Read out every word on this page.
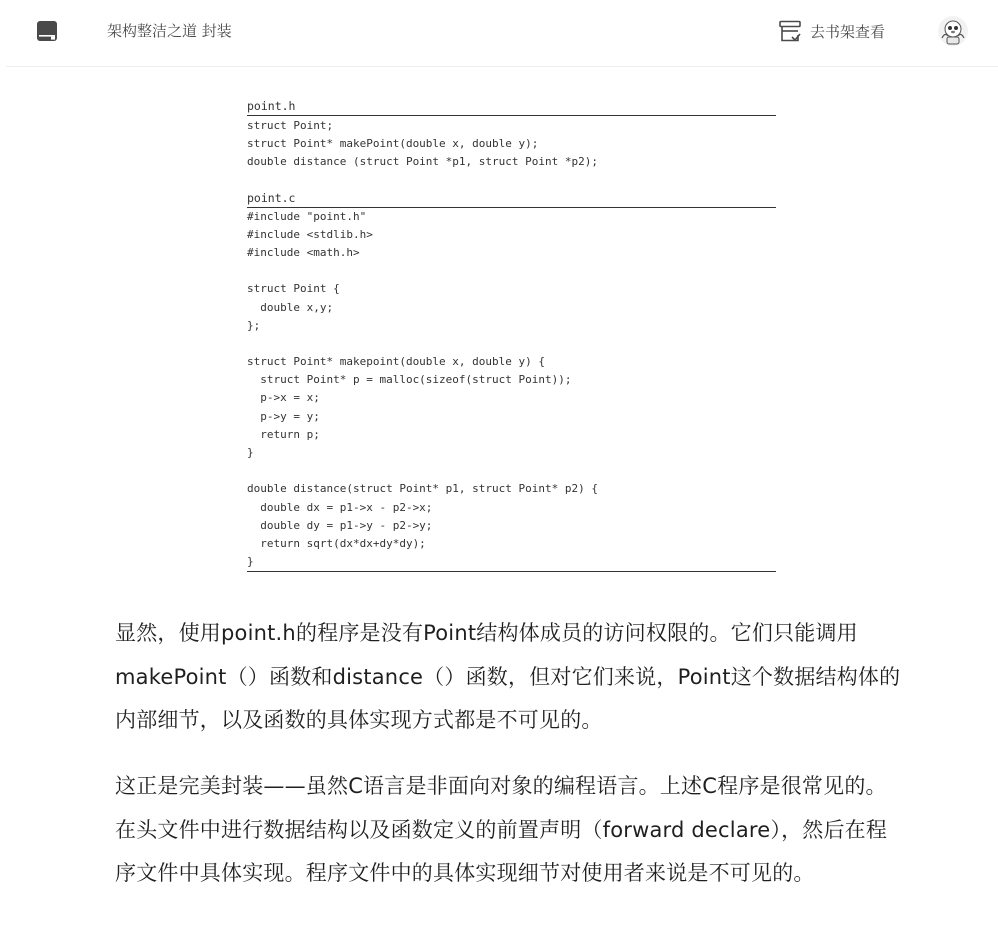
架构整洁之道 封装	去书架查看
point.h
struct Point;
struct Point* makePoint(double x, double y);
double distance (struct Point *p1, struct Point *p2);
point.c
#include "point.h"
#include <stdlib.h>
#include <math.h>
struct Point {
double x,y;
};
struct Point* makepoint(double x, double y) {
struct Point* p = malloc(sizeof(struct Point));
p->x = x;
p->y = y;
return p;
}
double distance(struct Point* p1, struct Point* p2) {
double dx = p1->x - p2->x;
double dy = p1->y - p2->y;
return sqrt(dx*dx+dy*dy);
}

显然，使用point.h的程序是没有Point结构体成员的访问权限的。它们只能调用makePoint（）函数和distance（）函数，但对它们来说，Point这个数据结构体的内部细节，以及函数的具体实现方式都是不可见的。

这正是完美封装——虽然C语言是非面向对象的编程语言。上述C程序是很常见的。在头文件中进行数据结构以及函数定义的前置声明（forward declare），然后在程序文件中具体实现。程序文件中的具体实现细节对使用者来说是不可见的。
